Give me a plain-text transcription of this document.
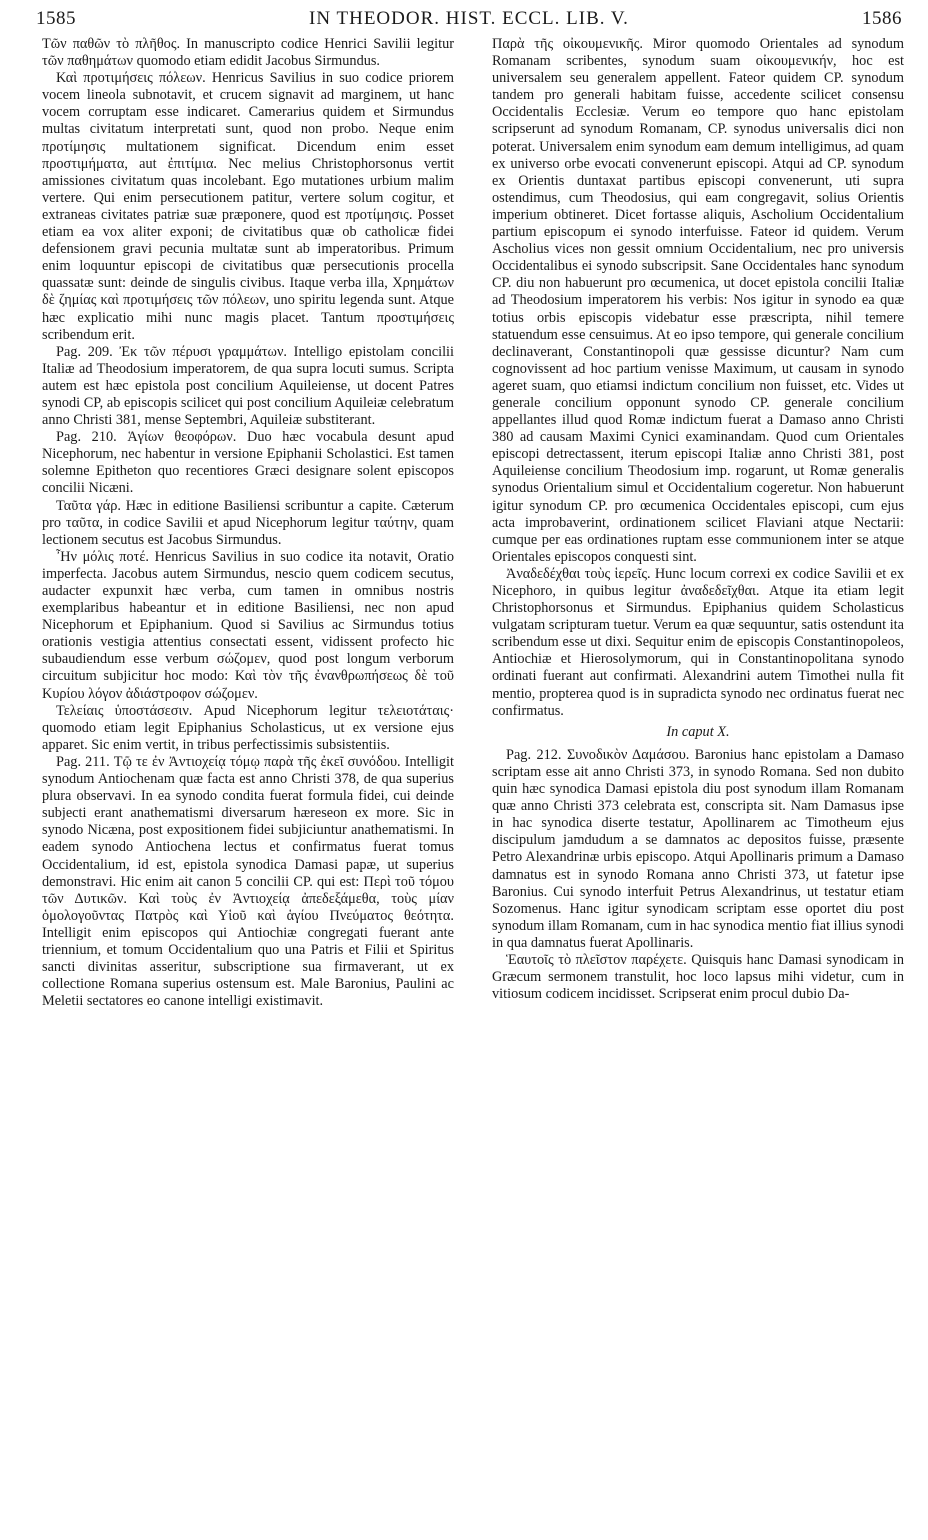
1585	IN THEODOR. HIST. ECCL. LIB. V.	1586

Τῶν παθῶν τὸ πλῆθος. In manuscripto codice Henrici Savilii legitur τῶν παθημάτων quomodo etiam edidit Jacobus Sirmundus.

Καὶ προτιμήσεις πόλεων. Henricus Savilius in suo codice priorem vocem lineola subnotavit, et crucem signavit ad marginem, ut hanc vocem corruptam esse indicaret. Camerarius quidem et Sirmundus multas civitatum interpretati sunt, quod non probo. Neque enim προτίμησις multationem significat. Dicendum enim esset προστιμήματα, aut ἐπιτίμια. Nec melius Christophorsonus vertit amissiones civitatum quas incolebant. Ego mutationes urbium malim vertere. Qui enim persecutionem patitur, vertere solum cogitur, et extraneas civitates patriæ suæ præponere, quod est προτίμησις. Posset etiam ea vox aliter exponi; de civitatibus quæ ob catholicæ fidei defensionem gravi pecunia multatæ sunt ab imperatoribus. Primum enim loquuntur episcopi de civitatibus quæ persecutionis procella quassatæ sunt: deinde de singulis civibus. Itaque verba illa, Χρημάτων δὲ ζημίας καὶ προτιμήσεις τῶν πόλεων, uno spiritu legenda sunt. Atque hæc explicatio mihi nunc magis placet. Tantum προστιμήσεις scribendum erit.

Pag. 209. Ἐκ τῶν πέρυσι γραμμάτων. Intelligo epistolam concilii Italiæ ad Theodosium imperatorem, de qua supra locuti sumus. Scripta autem est hæc epistola post concilium Aquileiense, ut docent Patres synodi CP, ab episcopis scilicet qui post concilium Aquileiæ celebratum anno Christi 381, mense Septembri, Aquileiæ substiterant.

Pag. 210. Ἁγίων θεοφόρων. Duo hæc vocabula desunt apud Nicephorum, nec habentur in versione Epiphanii Scholastici. Est tamen solemne Epitheton quo recentiores Græci designare solent episcopos concilii Nicæni.

Ταῦτα γάρ. Hæc in editione Basiliensi scribuntur a capite. Cæterum pro ταῦτα, in codice Savilii et apud Nicephorum legitur ταύτην, quam lectionem secutus est Jacobus Sirmundus.

Ἦν μόλις ποτέ. Henricus Savilius in suo codice ita notavit, Oratio imperfecta. Jacobus autem Sirmundus, nescio quem codicem secutus, audacter expunxit hæc verba, cum tamen in omnibus nostris exemplaribus habeantur et in editione Basiliensi, nec non apud Nicephorum et Epiphanium. Quod si Savilius ac Sirmundus totius orationis vestigia attentius consectati essent, vidissent profecto hic subaudiendum esse verbum σώζομεν, quod post longum verborum circuitum subjicitur hoc modo: Καὶ τὸν τῆς ἐνανθρωπήσεως δὲ τοῦ Κυρίου λόγον ἀδιάστροφον σώζομεν.

Τελείαις ὑποστάσεσιν. Apud Nicephorum legitur τελειοτάταις· quomodo etiam legit Epiphanius Scholasticus, ut ex versione ejus apparet. Sic enim vertit, in tribus perfectissimis subsistentiis.

Pag. 211. Τῷ τε ἐν Ἀντιοχείᾳ τόμῳ παρὰ τῆς ἐκεῖ συνόδου. Intelligit synodum Antiochenam quæ facta est anno Christi 378, de qua superius plura observavi. In ea synodo condita fuerat formula fidei, cui deinde subjecti erant anathematismi diversarum hæreseon ex more. Sic in synodo Nicæna, post expositionem fidei subjiciuntur anathematismi. In eadem synodo Antiochena lectus et confirmatus fuerat tomus Occidentalium, id est, epistola synodica Damasi papæ, ut superius demonstravi. Hic enim ait canon 5 concilii CP. qui est: Περὶ τοῦ τόμου τῶν Δυτικῶν. Καὶ τοὺς ἐν Ἀντιοχείᾳ ἀπεδεξάμεθα, τοὺς μίαν ὁμολογοῦντας Πατρὸς καὶ Υἱοῦ καὶ ἁγίου Πνεύματος θεότητα. Intelligit enim episcopos qui Antiochiæ congregati fuerant ante triennium, et tomum Occidentalium quo una Patris et Filii et Spiritus sancti divinitas asseritur, subscriptione sua firmaverant, ut ex collectione Romana superius ostensum est. Male Baronius, Paulini ac Meletii sectatores eo canone intelligi existimavit.

Παρὰ τῆς οἰκουμενικῆς. Miror quomodo Orientales ad synodum Romanam scribentes, synodum suam οἰκουμενικήν, hoc est universalem seu generalem appellent. Fateor quidem CP. synodum tandem pro generali habitam fuisse, accedente scilicet consensu Occidentalis Ecclesiæ. Verum eo tempore quo hanc epistolam scripserunt ad synodum Romanam, CP. synodus universalis dici non poterat. Universalem enim synodum eam demum intelligimus, ad quam ex universo orbe evocati convenerunt episcopi. Atqui ad CP. synodum ex Orientis duntaxat partibus episcopi convenerunt, uti supra ostendimus, cum Theodosius, qui eam congregavit, solius Orientis imperium obtineret. Dicet fortasse aliquis, Ascholium Occidentalium partium episcopum ei synodo interfuisse. Fateor id quidem. Verum Ascholius vices non gessit omnium Occidentalium, nec pro universis Occidentalibus ei synodo subscripsit. Sane Occidentales hanc synodum CP. diu non habuerunt pro œcumenica, ut docet epistola concilii Italiæ ad Theodosium imperatorem his verbis: Nos igitur in synodo ea quæ totius orbis episcopis videbatur esse præscripta, nihil temere statuendum esse censuimus. At eo ipso tempore, qui generale concilium declinaverant, Constantinopoli quæ gessisse dicuntur? Nam cum cognovissent ad hoc partium venisse Maximum, ut causam in synodo ageret suam, quo etiamsi indictum concilium non fuisset, etc. Vides ut generale concilium opponunt synodo CP. generale concilium appellantes illud quod Romæ indictum fuerat a Damaso anno Christi 380 ad causam Maximi Cynici examinandam. Quod cum Orientales episcopi detrectassent, iterum episcopi Italiæ anno Christi 381, post Aquileiense concilium Theodosium imp. rogarunt, ut Romæ generalis synodus Orientalium simul et Occidentalium cogeretur. Non habuerunt igitur synodum CP. pro œcumenica Occidentales episcopi, cum ejus acta improbaverint, ordinationem scilicet Flaviani atque Nectarii: cumque per eas ordinationes ruptam esse communionem inter se atque Orientales episcopos conquesti sint.

Ἀναδεδέχθαι τοὺς ἱερεῖς. Hunc locum correxi ex codice Savilii et ex Nicephoro, in quibus legitur ἀναδεδεῖχθαι. Atque ita etiam legit Christophorsonus et Sirmundus. Epiphanius quidem Scholasticus vulgatam scripturam tuetur. Verum ea quæ sequuntur, satis ostendunt ita scribendum esse ut dixi. Sequitur enim de episcopis Constantinopoleos, Antiochiæ et Hierosolymorum, qui in Constantinopolitana synodo ordinati fuerant aut confirmati. Alexandrini autem Timothei nulla fit mentio, propterea quod is in supradicta synodo nec ordinatus fuerat nec confirmatus.

In caput X.

Pag. 212. Συνοδικὸν Δαμάσου. Baronius hanc epistolam a Damaso scriptam esse ait anno Christi 373, in synodo Romana. Sed non dubito quin hæc synodica Damasi epistola diu post synodum illam Romanam quæ anno Christi 373 celebrata est, conscripta sit. Nam Damasus ipse in hac synodica diserte testatur, Apollinarem ac Timotheum ejus discipulum jamdudum a se damnatos ac depositos fuisse, præsente Petro Alexandrinæ urbis episcopo. Atqui Apollinaris primum a Damaso damnatus est in synodo Romana anno Christi 373, ut fatetur ipse Baronius. Cui synodo interfuit Petrus Alexandrinus, ut testatur etiam Sozomenus. Hanc igitur synodicam scriptam esse oportet diu post synodum illam Romanam, cum in hac synodica mentio fiat illius synodi in qua damnatus fuerat Apollinaris.

Ἑαυτοῖς τὸ πλεῖστον παρέχετε. Quisquis hanc Damasi synodicam in Græcum sermonem transtulit, hoc loco lapsus mihi videtur, cum in vitiosum codicem incidisset. Scripserat enim procul dubio Da-
